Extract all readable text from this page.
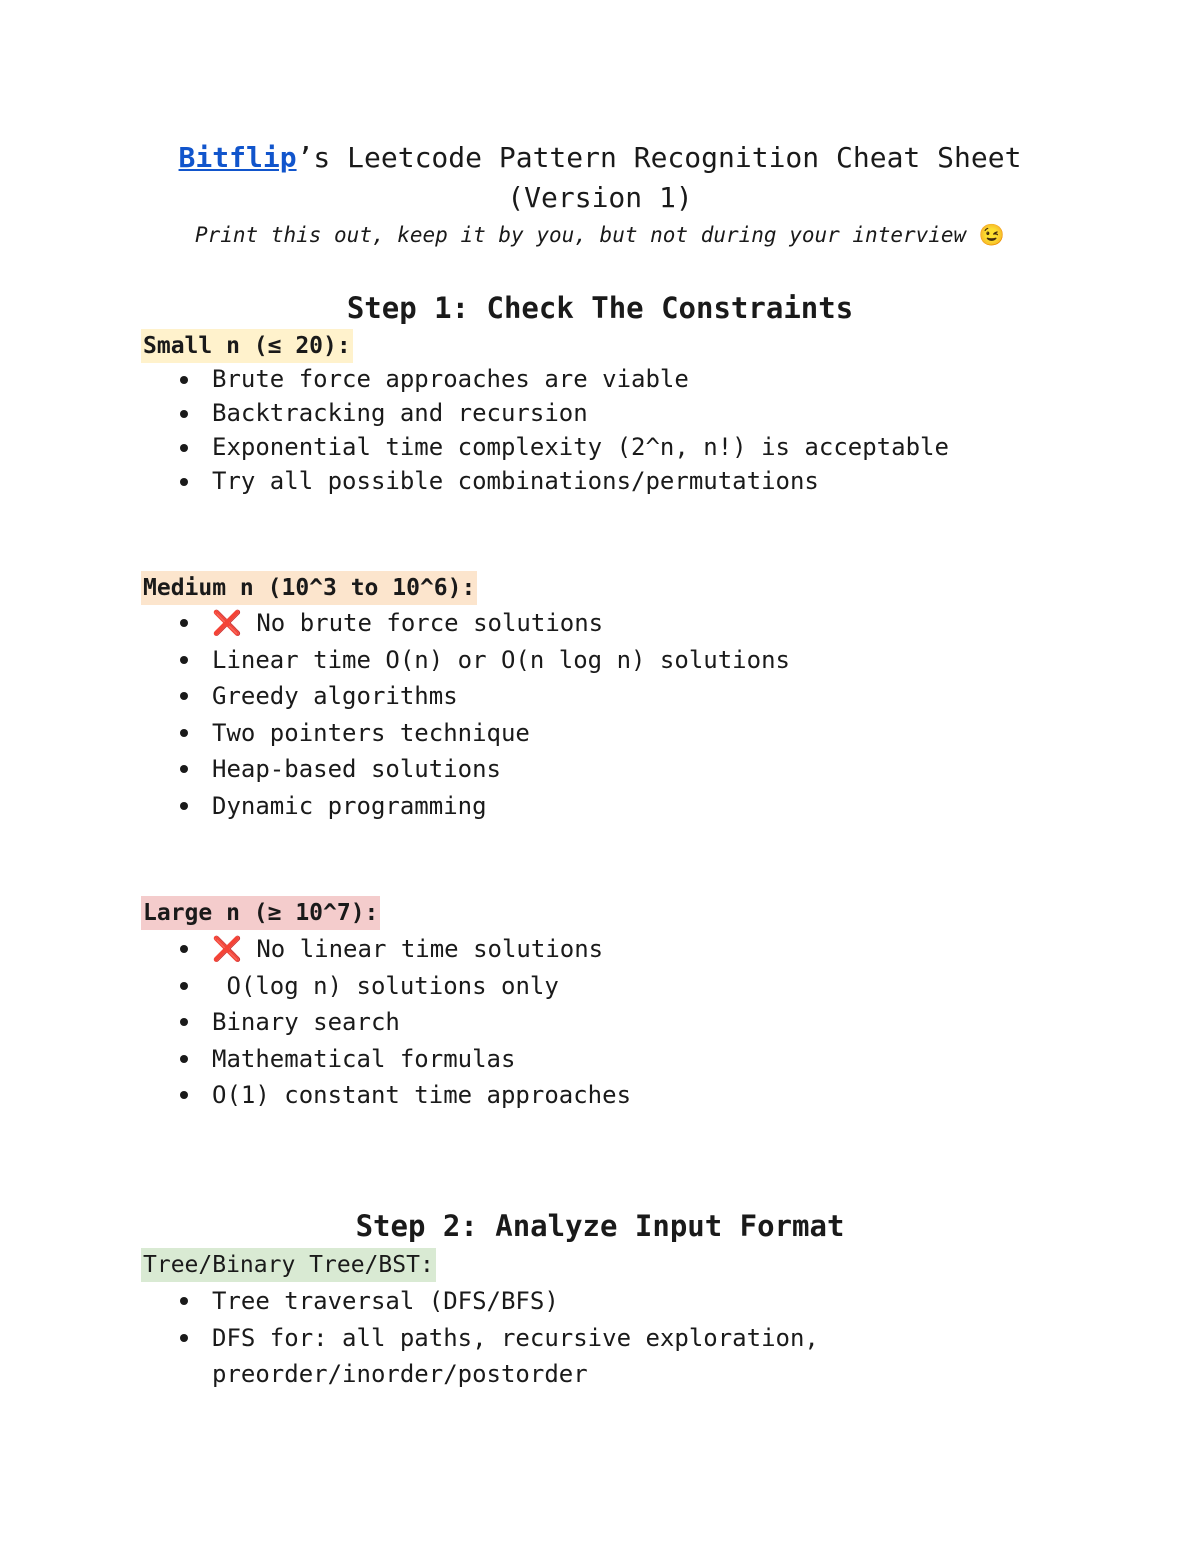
Bitflip’s Leetcode Pattern Recognition Cheat Sheet
(Version 1)
Print this out, keep it by you, but not during your interview 😉
Step 1: Check The Constraints
Small n (≤ 20):
Brute force approaches are viable
Backtracking and recursion
Exponential time complexity (2^n, n!) is acceptable
Try all possible combinations/permutations
Medium n (10^3 to 10^6):
❌ No brute force solutions
Linear time O(n) or O(n log n) solutions
Greedy algorithms
Two pointers technique
Heap-based solutions
Dynamic programming
Large n (≥ 10^7):
❌ No linear time solutions
O(log n) solutions only
Binary search
Mathematical formulas
O(1) constant time approaches
Step 2: Analyze Input Format
Tree/Binary Tree/BST:
Tree traversal (DFS/BFS)
DFS for: all paths, recursive exploration,
preorder/inorder/postorder
